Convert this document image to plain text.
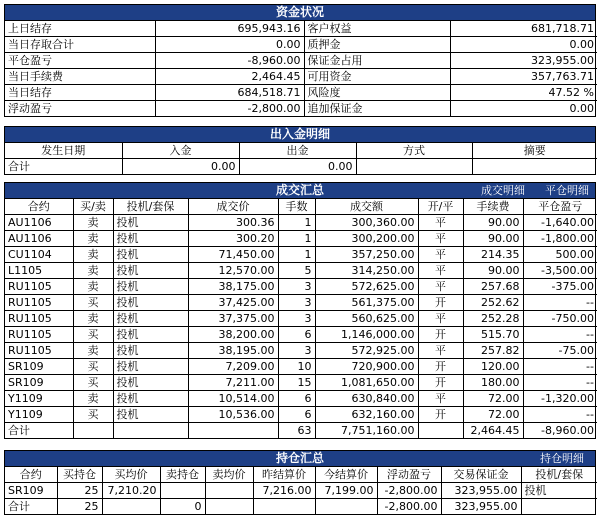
资金状况
上日结存	695,943.16	客户权益	681,718.71
当日存取合计	0.00	质押金	0.00
平仓盈亏	-8,960.00	保证金占用	323,955.00
当日手续费	2,464.45	可用资金	357,763.71
当日结存	684,518.71	风险度	47.52 %
浮动盈亏	-2,800.00	追加保证金	0.00
出入金明细
发生日期	入金	出金	方式	摘要
合计	0.00	0.00		
成交汇总	成交明细 平仓明细
合约	买/卖	投机/套保	成交价	手数	成交额	开/平	手续费	平仓盈亏
AU1106	卖	投机	300.36	1	300,360.00	平	90.00	-1,640.00
AU1106	卖	投机	300.20	1	300,200.00	平	90.00	-1,800.00
CU1104	卖	投机	71,450.00	1	357,250.00	平	214.35	500.00
L1105	卖	投机	12,570.00	5	314,250.00	平	90.00	-3,500.00
RU1105	卖	投机	38,175.00	3	572,625.00	平	257.68	-375.00
RU1105	买	投机	37,425.00	3	561,375.00	开	252.62	--
RU1105	卖	投机	37,375.00	3	560,625.00	平	252.28	-750.00
RU1105	买	投机	38,200.00	6	1,146,000.00	开	515.70	--
RU1105	卖	投机	38,195.00	3	572,925.00	平	257.82	-75.00
SR109	买	投机	7,209.00	10	720,900.00	开	120.00	--
SR109	买	投机	7,211.00	15	1,081,650.00	开	180.00	--
Y1109	卖	投机	10,514.00	6	630,840.00	平	72.00	-1,320.00
Y1109	买	投机	10,536.00	6	632,160.00	开	72.00	--
合计				63	7,751,160.00		2,464.45	-8,960.00
持仓汇总	持仓明细
合约	买持仓	买均价	卖持仓	卖均价	昨结算价	今结算价	浮动盈亏	交易保证金	投机/套保
SR109	25	7,210.20			7,216.00	7,199.00	-2,800.00	323,955.00	投机
合计	25		0				-2,800.00	323,955.00	
